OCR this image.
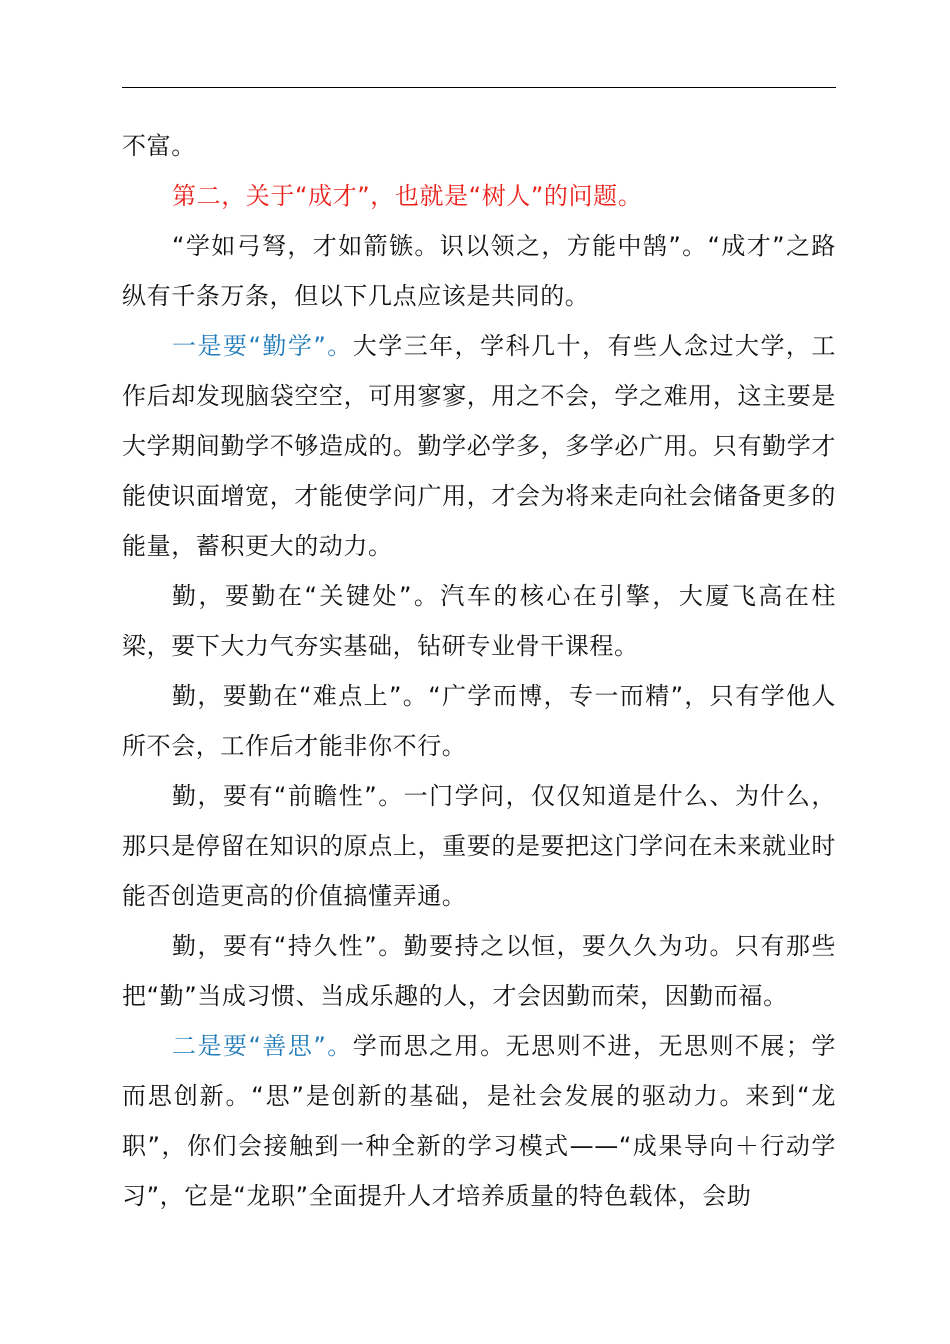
不富。

第二，关于“成才”，也就是“树人”的问题。

“学如弓弩，才如箭镞。识以领之，方能中鹄”。“成才”之路纵有千条万条，但以下几点应该是共同的。

一是要“勤学”。大学三年，学科几十，有些人念过大学，工作后却发现脑袋空空，可用寥寥，用之不会，学之难用，这主要是大学期间勤学不够造成的。勤学必学多，多学必广用。只有勤学才能使识面增宽，才能使学问广用，才会为将来走向社会储备更多的能量，蓄积更大的动力。

勤，要勤在“关键处”。汽车的核心在引擎，大厦飞高在柱梁，要下大力气夯实基础，钻研专业骨干课程。

勤，要勤在“难点上”。“广学而博，专一而精”，只有学他人所不会，工作后才能非你不行。

勤，要有“前瞻性”。一门学问，仅仅知道是什么、为什么，那只是停留在知识的原点上，重要的是要把这门学问在未来就业时能否创造更高的价值搞懂弄通。

勤，要有“持久性”。勤要持之以恒，要久久为功。只有那些把“勤”当成习惯、当成乐趣的人，才会因勤而荣，因勤而福。

二是要“善思”。学而思之用。无思则不进，无思则不展；学而思创新。“思”是创新的基础，是社会发展的驱动力。来到“龙职”，你们会接触到一种全新的学习模式——“成果导向＋行动学习”，它是“龙职”全面提升人才培养质量的特色载体，会助
